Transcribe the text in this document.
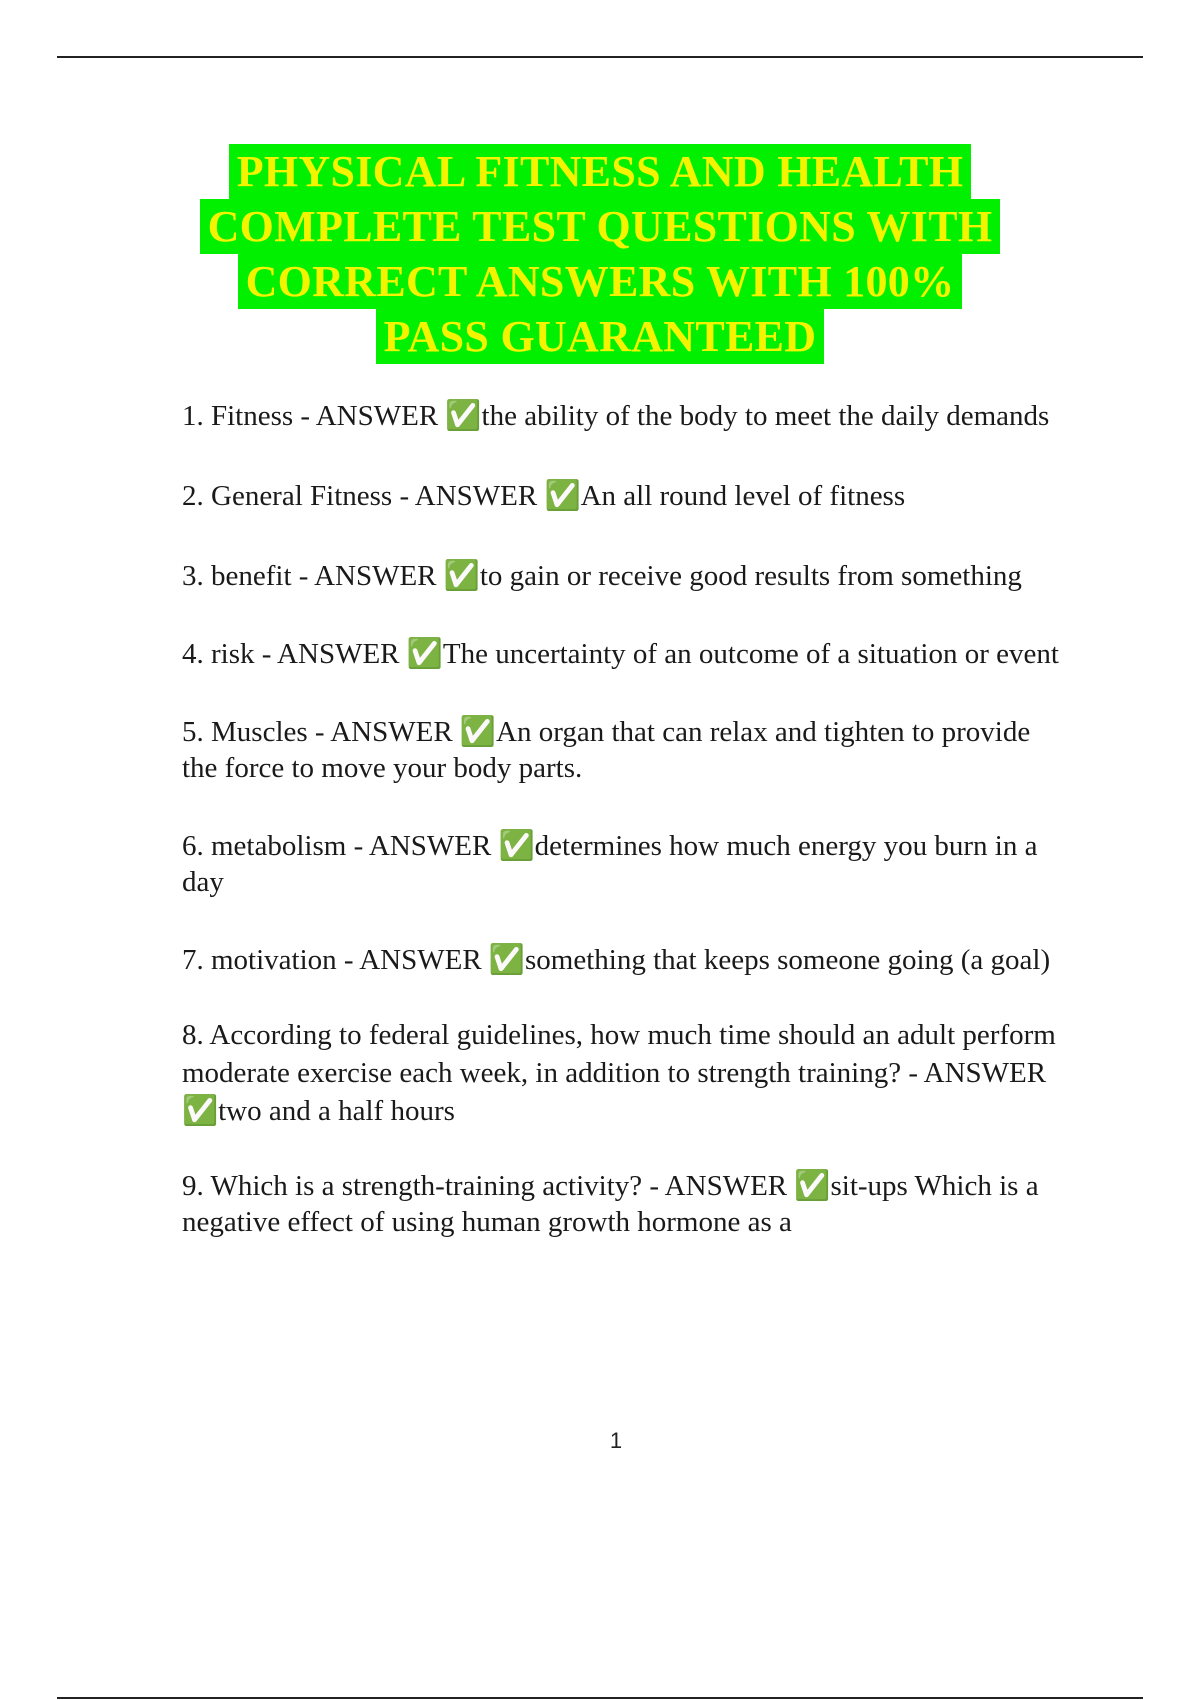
PHYSICAL FITNESS AND HEALTH
COMPLETE TEST QUESTIONS WITH
CORRECT ANSWERS WITH 100%
PASS GUARANTEED

1. Fitness - ANSWER ✅the ability of the body to meet the daily demands

2. General Fitness - ANSWER ✅An all round level of fitness

3. benefit - ANSWER ✅to gain or receive good results from something

4. risk - ANSWER ✅The uncertainty of an outcome of a situation or event

5. Muscles - ANSWER ✅An organ that can relax and tighten to provide the force to move your body parts.

6. metabolism - ANSWER ✅determines how much energy you burn in a day

7. motivation - ANSWER ✅something that keeps someone going (a goal)

8. According to federal guidelines, how much time should an adult perform moderate exercise each week, in addition to strength training? - ANSWER ✅two and a half hours

9. Which is a strength-training activity? - ANSWER ✅sit-ups Which is a negative effect of using human growth hormone as a

1
